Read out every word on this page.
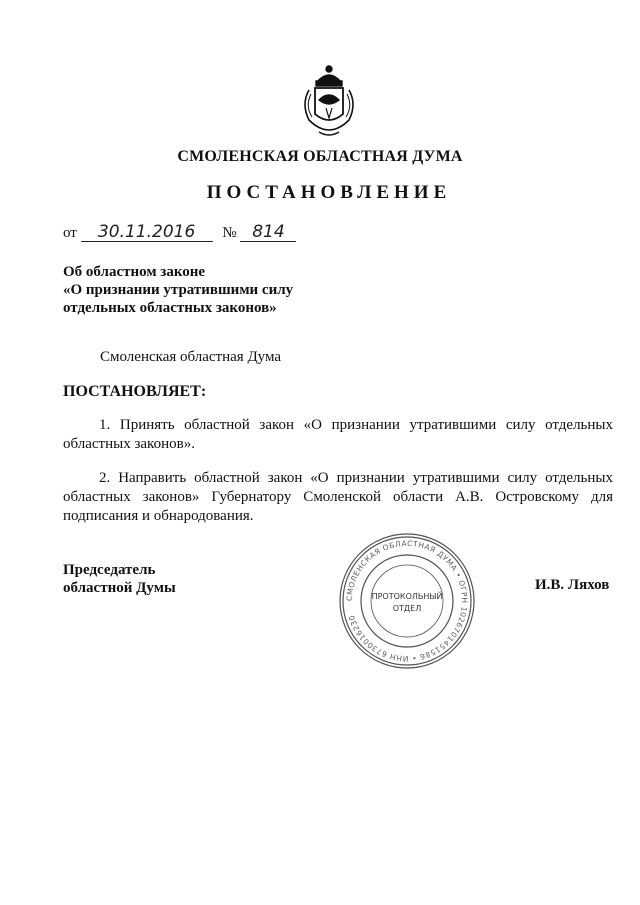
СМОЛЕНСКАЯ ОБЛАСТНАЯ ДУМА
ПОСТАНОВЛЕНИЕ
от 30.11.2016 № 814
Об областном законе
«О признании утратившими силу
отдельных областных законов»
Смоленская областная Дума
ПОСТАНОВЛЯЕТ:
1. Принять областной закон «О признании утратившими силу отдельных областных законов».
2. Направить областной закон «О признании утратившими силу отдельных областных законов» Губернатору Смоленской области А.В. Островскому для подписания и обнародования.
Председатель
областной Думы
СМОЛЕНСКАЯ ОБЛАСТНАЯ ДУМА • ОГРН 1026701451586 • ИНН 6730016230
ПРОТОКОЛЬНЫЙ
ОТДЕЛ
И.В. Ляхов
